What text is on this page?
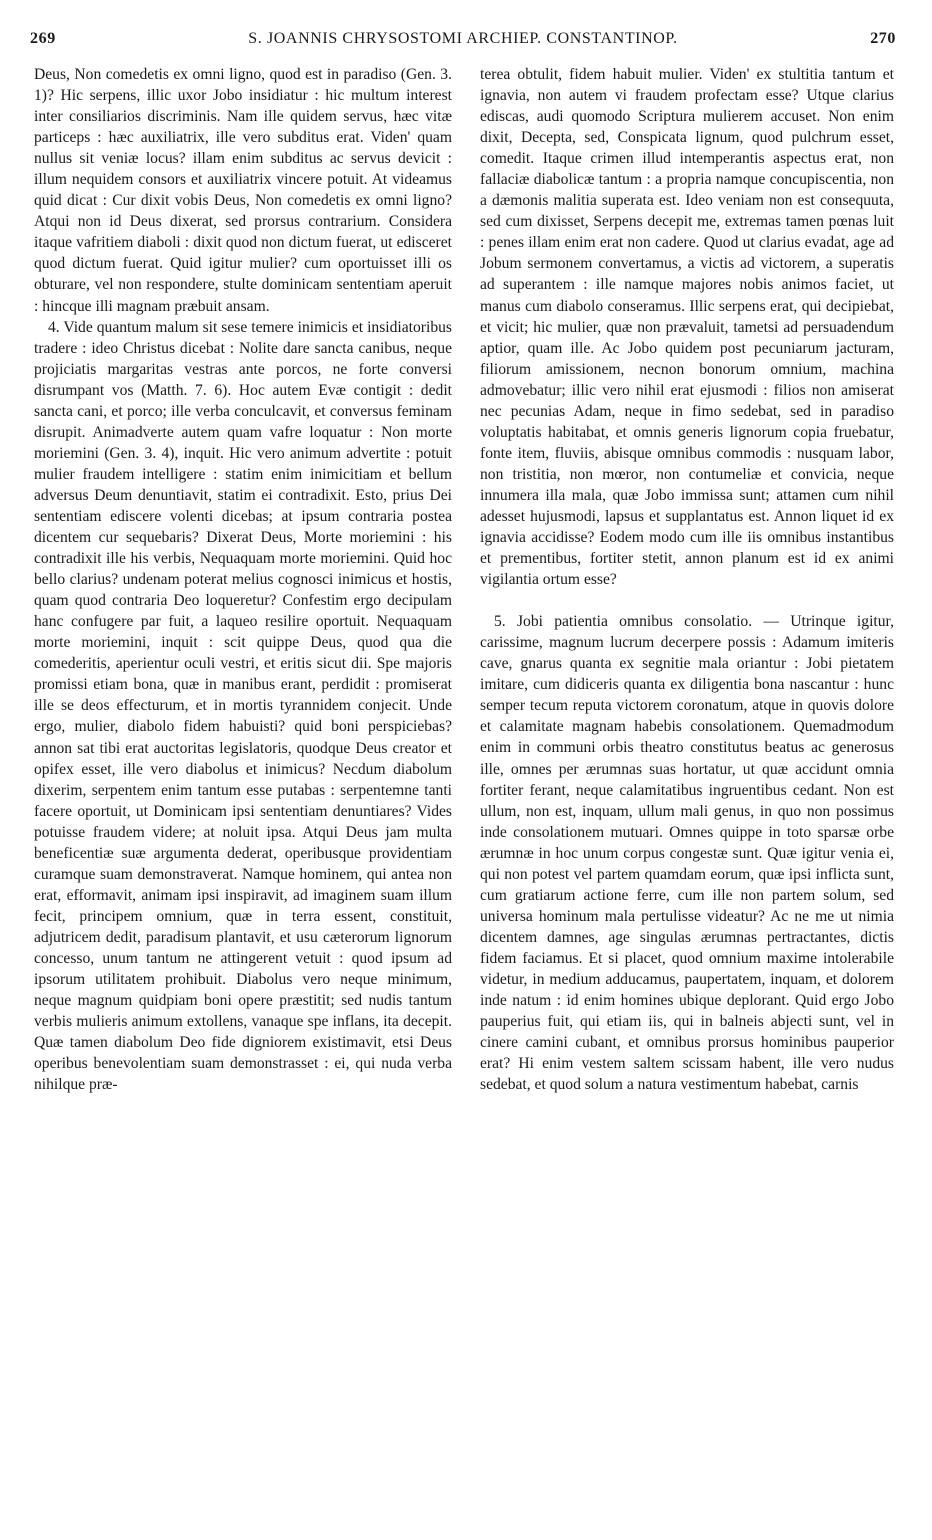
269	S. JOANNIS CHRYSOSTOMI ARCHIEP. CONSTANTINOP.	270

Deus, Non comedetis ex omni ligno, quod est in paradiso (Gen. 3. 1)? Hic serpens, illic uxor Jobo insidiatur : hic multum interest inter consiliarios discriminis. Nam ille quidem servus, hæc vitæ particeps : hæc auxiliatrix, ille vero subditus erat. Viden' quam nullus sit veniæ locus? illam enim subditus ac servus devicit : illum nequidem consors et auxiliatrix vincere potuit. At videamus quid dicat : Cur dixit vobis Deus, Non comedetis ex omni ligno? Atqui non id Deus dixerat, sed prorsus contrarium. Considera itaque vafritiem diaboli : dixit quod non dictum fuerat, ut edisceret quod dictum fuerat. Quid igitur mulier? cum oportuisset illi os obturare, vel non respondere, stulte dominicam sententiam aperuit : hincque illi magnam præbuit ansam.

4. Vide quantum malum sit sese temere inimicis et insidiatoribus tradere : ideo Christus dicebat : Nolite dare sancta canibus, neque projiciatis margaritas vestras ante porcos, ne forte conversi disrumpant vos (Matth. 7. 6). Hoc autem Evæ contigit : dedit sancta cani, et porco; ille verba conculcavit, et conversus feminam disrupit. Animadverte autem quam vafre loquatur : Non morte moriemini (Gen. 3. 4), inquit. Hic vero animum advertite : potuit mulier fraudem intelligere : statim enim inimicitiam et bellum adversus Deum denuntiavit, statim ei contradixit. Esto, prius Dei sententiam ediscere volenti dicebas; at ipsum contraria postea dicentem cur sequebaris? Dixerat Deus, Morte moriemini : his contradixit ille his verbis, Nequaquam morte moriemini. Quid hoc bello clarius? undenam poterat melius cognosci inimicus et hostis, quam quod contraria Deo loqueretur? Confestim ergo decipulam hanc confugere par fuit, a laqueo resilire oportuit. Nequaquam morte moriemini, inquit : scit quippe Deus, quod qua die comederitis, aperientur oculi vestri, et eritis sicut dii. Spe majoris promissi etiam bona, quæ in manibus erant, perdidit : promiserat ille se deos effecturum, et in mortis tyrannidem conjecit. Unde ergo, mulier, diabolo fidem habuisti? quid boni perspiciebas? annon sat tibi erat auctoritas legislatoris, quodque Deus creator et opifex esset, ille vero diabolus et inimicus? Necdum diabolum dixerim, serpentem enim tantum esse putabas : serpentemne tanti facere oportuit, ut Dominicam ipsi sententiam denuntiares? Vides potuisse fraudem videre; at noluit ipsa. Atqui Deus jam multa beneficentiæ suæ argumenta dederat, operibusque providentiam curamque suam demonstraverat. Namque hominem, qui antea non erat, efformavit, animam ipsi inspiravit, ad imaginem suam illum fecit, principem omnium, quæ in terra essent, constituit, adjutricem dedit, paradisum plantavit, et usu cæterorum lignorum concesso, unum tantum ne attingerent vetuit : quod ipsum ad ipsorum utilitatem prohibuit. Diabolus vero neque minimum, neque magnum quidpiam boni opere præstitit; sed nudis tantum verbis mulieris animum extollens, vanaque spe inflans, ita decepit. Quæ tamen diabolum Deo fide digniorem existimavit, etsi Deus operibus benevolentiam suam demonstrasset : ei, qui nuda verba nihilque præ-

terea obtulit, fidem habuit mulier. Viden' ex stultitia tantum et ignavia, non autem vi fraudem profectam esse? Utque clarius ediscas, audi quomodo Scriptura mulierem accuset. Non enim dixit, Decepta, sed, Conspicata lignum, quod pulchrum esset, comedit. Itaque crimen illud intemperantis aspectus erat, non fallaciæ diabolicæ tantum : a propria namque concupiscentia, non a dæmonis malitia superata est. Ideo veniam non est consequuta, sed cum dixisset, Serpens decepit me, extremas tamen pœnas luit : penes illam enim erat non cadere. Quod ut clarius evadat, age ad Jobum sermonem convertamus, a victis ad victorem, a superatis ad superantem : ille namque majores nobis animos faciet, ut manus cum diabolo conseramus. Illic serpens erat, qui decipiebat, et vicit; hic mulier, quæ non prævaluit, tametsi ad persuadendum aptior, quam ille. Ac Jobo quidem post pecuniarum jacturam, filiorum amissionem, necnon bonorum omnium, machina admovebatur; illic vero nihil erat ejusmodi : filios non amiserat nec pecunias Adam, neque in fimo sedebat, sed in paradiso voluptatis habitabat, et omnis generis lignorum copia fruebatur, fonte item, fluviis, abisque omnibus commodis : nusquam labor, non tristitia, non mœror, non contumeliæ et convicia, neque innumera illa mala, quæ Jobo immissa sunt; attamen cum nihil adesset hujusmodi, lapsus et supplantatus est. Annon liquet id ex ignavia accidisse? Eodem modo cum ille iis omnibus instantibus et prementibus, fortiter stetit, annon planum est id ex animi vigilantia ortum esse?

5. Jobi patientia omnibus consolatio. — Utrinque igitur, carissime, magnum lucrum decerpere possis : Adamum imiteris cave, gnarus quanta ex segnitie mala oriantur : Jobi pietatem imitare, cum didiceris quanta ex diligentia bona nascantur : hunc semper tecum reputa victorem coronatum, atque in quovis dolore et calamitate magnam habebis consolationem. Quemadmodum enim in communi orbis theatro constitutus beatus ac generosus ille, omnes per ærumnas suas hortatur, ut quæ accidunt omnia fortiter ferant, neque calamitatibus ingruentibus cedant. Non est ullum, non est, inquam, ullum mali genus, in quo non possimus inde consolationem mutuari. Omnes quippe in toto sparsæ orbe ærumnæ in hoc unum corpus congestæ sunt. Quæ igitur venia ei, qui non potest vel partem quamdam eorum, quæ ipsi inflicta sunt, cum gratiarum actione ferre, cum ille non partem solum, sed universa hominum mala pertulisse videatur? Ac ne me ut nimia dicentem damnes, age singulas ærumnas pertractantes, dictis fidem faciamus. Et si placet, quod omnium maxime intolerabile videtur, in medium adducamus, paupertatem, inquam, et dolorem inde natum : id enim homines ubique deplorant. Quid ergo Jobo pauperius fuit, qui etiam iis, qui in balneis abjecti sunt, vel in cinere camini cubant, et omnibus prorsus hominibus pauperior erat? Hi enim vestem saltem scissam habent, ille vero nudus sedebat, et quod solum a natura vestimentum habebat, carnis
